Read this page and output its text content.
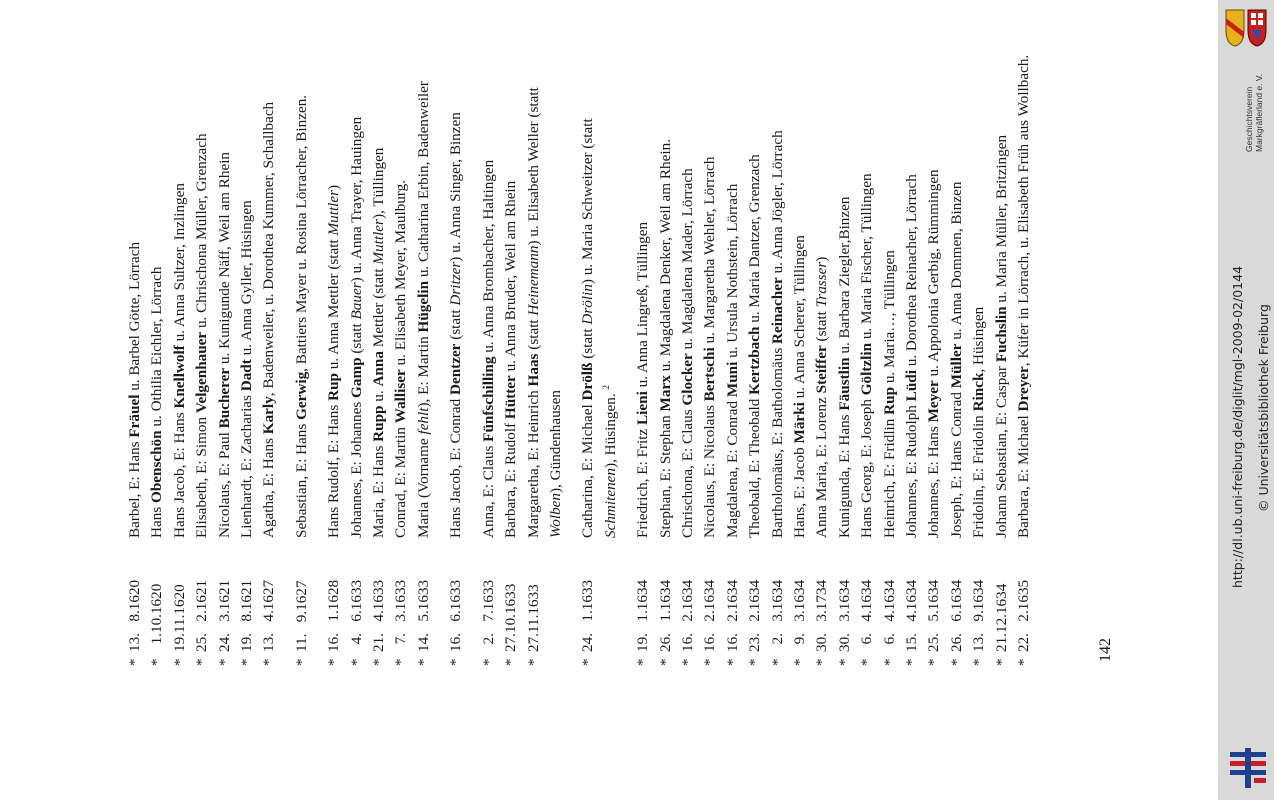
*
13.   8.1620
Barbel, E: Hans Fräuel u. Barbel Götte, Lörrach
*
1.10.1620
Hans Obenschön u. Othilia Eichler, Lörrach
*
19.11.1620
Hans Jacob, E: Hans Knellwolf u. Anna Sultzer, Inzlingen
*
25.   2.1621
Elisabeth, E: Simon Velgenhauer u. Chrischona Müller, Grenzach
*
24.   3.1621
Nicolaus, E: Paul Bucherer u. Kunigunde Näff, Weil am Rhein
*
19.   8.1621
Lienhardt, E: Zacharias Dadt u. Anna Gyller, Hüsingen
*
13.   4.1627
Agatha, E: Hans Karly, Badenweiler, u. Dorothea Kummer, Schallbach
*
11.   9.1627
Sebastian, E: Hans Gerwig, Battiers Mayer u. Rosina Lörracher, Binzen.
*
16.   1.1628
Hans Rudolf, E: Hans Rup u. Anna Mettler (statt Muttler)
*
4.   6.1633
Johannes, E: Johannes Gamp (statt Bauer) u. Anna Trayer, Hauingen
*
21.   4.1633
Maria, E: Hans Rupp u. Anna Mettler (statt Muttler), Tüllingen
*
7.   3.1633
Conrad, E: Martin Walliser u. Elisabeth Meyer, Maulburg.
*
14.   5.1633
Maria (Vorname fehlt), E: Martin Hügelin u. Catharina Erbin, Badenweiler
*
16.   6.1633
Hans Jacob, E: Conrad Dentzer (statt Dritzer) u. Anna Singer, Binzen
*
2.   7.1633
Anna, E: Claus Fünfschilling u. Anna Brombacher, Haltingen
*
27.10.1633
Barbara, E: Rudolf Hütter u. Anna Bruder, Weil am Rhein
*
27.11.1633
Margaretha, E: Heinrich Haas (statt Heinemann) u. Elisabeth Weller (statt Wolben), Gündenhausen
*
24.   1.1633
Catharina, E: Michael Drölß (statt Drölin) u. Maria Schweitzer (statt Schmitenen), Hüsingen. $^2$
*
19.   1.1634
Friedrich, E: Fritz Lieni u. Anna Lingreß, Tüllingen
*
26.   1.1634
Stephan, E: Stephan Marx u. Magdalena Denker, Weil am Rhein.
*
16.   2.1634
Chrischona, E: Claus Glocker u. Magdalena Mader, Lörrach
*
16.   2.1634
Nicolaus, E: Nicolaus Bertschi u. Margaretha Wehler, Lörrach
*
16.   2.1634
Magdalena, E: Conrad Muni u. Ursula Nothstein, Lörrach
*
23.   2.1634
Theobald, E: Theobald Kertzbach u. Maria Dantzer, Grenzach
*
2.   3.1634
Bartholomäus, E: Batholomäus Reinacher u. Anna Jögler, Lörrach
*
9.   3.1634
Hans, E: Jacob Märki u. Anna Scherer, Tüllingen
*
30.   3.1734
Anna Maria, E: Lorenz Steiffer (statt Trasser)
*
30.   3.1634
Kunigunda, E: Hans Fäustlin u. Barbara Ziegler,Binzen
*
6.   4.1634
Hans Georg, E: Joseph Göltzlin u. Maria Fischer, Tüllingen
*
6.   4.1634
Heinrich, E: Fridlin Rup u. Maria…, Tüllingen
*
15.   4.1634
Johannes, E: Rudolph Lüdi u. Dorothea Reinacher, Lörrach
*
25.   5.1634
Johannes, E: Hans Meyer u. Appolonia Gerbig, Rümmingen
*
26.   6.1634
Joseph, E: Hans Conrad Müller u. Anna Dommen, Binzen
*
13.   9.1634
Fridolin, E: Fridolin Rinck, Hüsingen
*
21.12.1634
Johann Sebastian, E: Caspar Fuchslin u. Maria Müller, Britzingen
*
22.   2.1635
Barbara, E: Michael Dreyer, Küfer in Lörrach, u. Elisabeth Früh aus Wollbach.
142
Geschichtsverein Markgräflerland e. V.
http://dl.ub.uni-freiburg.de/diglit/mgl-2009-02/0144 © Universitätsbibliothek Freiburg
